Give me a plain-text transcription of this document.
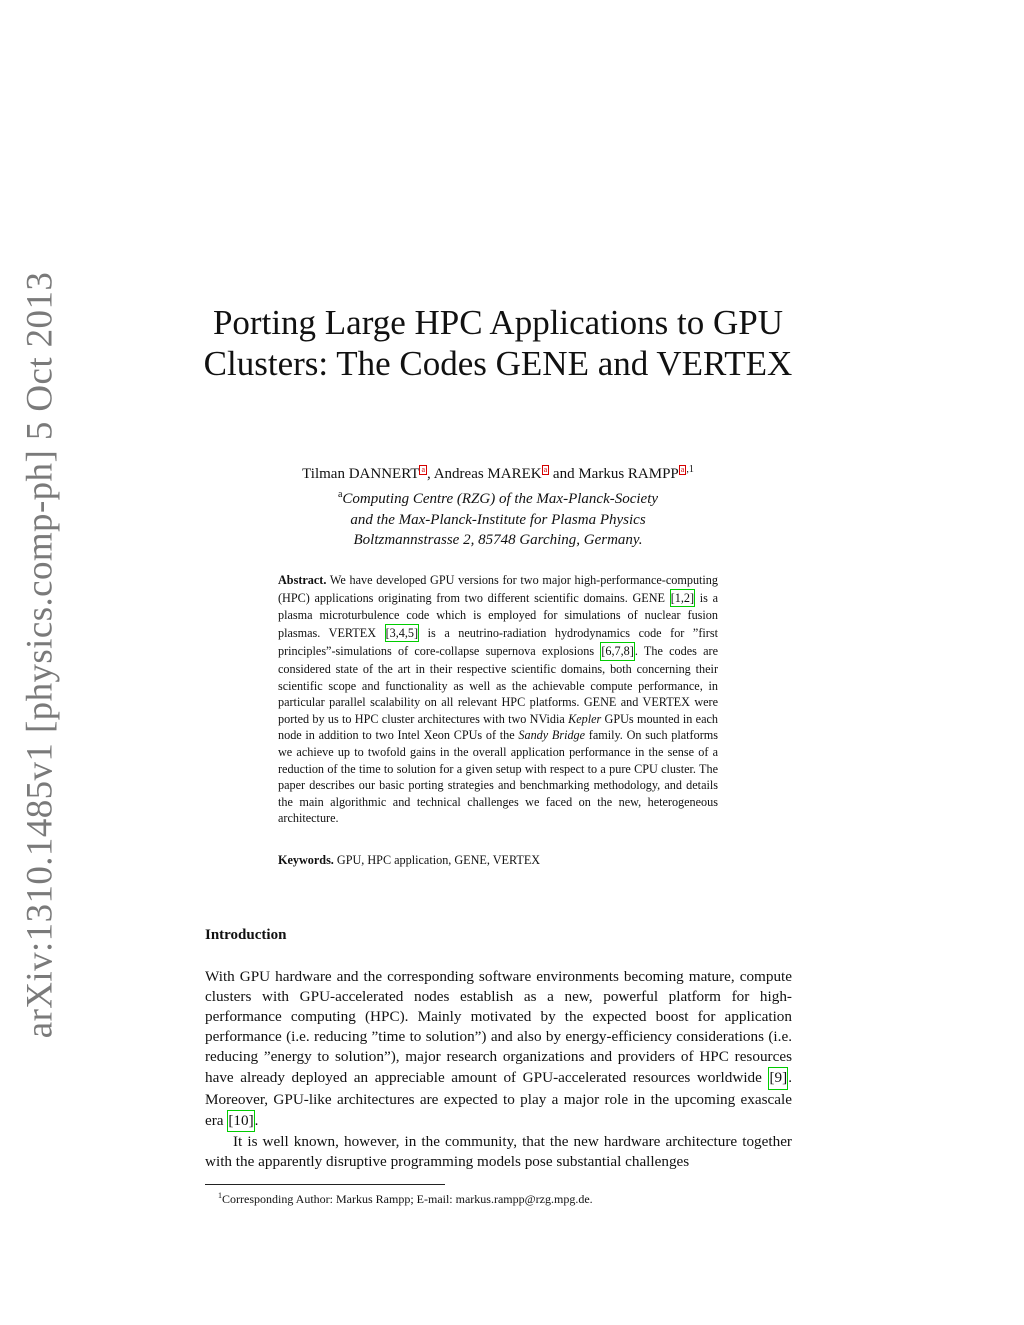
arXiv:1310.1485v1 [physics.comp-ph] 5 Oct 2013	Porting Large HPC Applications to GPU Clusters: The Codes GENE and VERTEX
Tilman DANNERT a , Andreas MAREK a and Markus RAMPP a $^{,1}$
$^a$Computing Centre (RZG) of the Max-Planck-Society
and the Max-Planck-Institute for Plasma Physics
Boltzmannstrasse 2, 85748 Garching, Germany.
Abstract. We have developed GPU versions for two major high-performance-computing (HPC) applications originating from two different scientific domains. GENE [1,2] is a plasma microturbulence code which is employed for simulations of nuclear fusion plasmas. VERTEX [3,4,5] is a neutrino-radiation hydrodynamics code for ”first principles”-simulations of core-collapse supernova explosions [6,7,8]. The codes are considered state of the art in their respective scientific domains, both concerning their scientific scope and functionality as well as the achievable compute performance, in particular parallel scalability on all relevant HPC platforms. GENE and VERTEX were ported by us to HPC cluster architectures with two NVidia Kepler GPUs mounted in each node in addition to two Intel Xeon CPUs of the Sandy Bridge family. On such platforms we achieve up to twofold gains in the overall application performance in the sense of a reduction of the time to solution for a given setup with respect to a pure CPU cluster. The paper describes our basic porting strategies and benchmarking methodology, and details the main algorithmic and technical challenges we faced on the new, heterogeneous architecture.
Keywords. GPU, HPC application, GENE, VERTEX
Introduction

With GPU hardware and the corresponding software environments becoming mature, compute clusters with GPU-accelerated nodes establish as a new, powerful platform for high-performance computing (HPC). Mainly motivated by the expected boost for application performance (i.e. reducing ”time to solution”) and also by energy-efficiency considerations (i.e. reducing ”energy to solution”), major research organizations and providers of HPC resources have already deployed an appreciable amount of GPU-accelerated resources worldwide [9]. Moreover, GPU-like architectures are expected to play a major role in the upcoming exascale era [10].

It is well known, however, in the community, that the new hardware architecture together with the apparently disruptive programming models pose substantial challenges

$^1$Corresponding Author: Markus Rampp; E-mail: markus.rampp@rzg.mpg.de.
